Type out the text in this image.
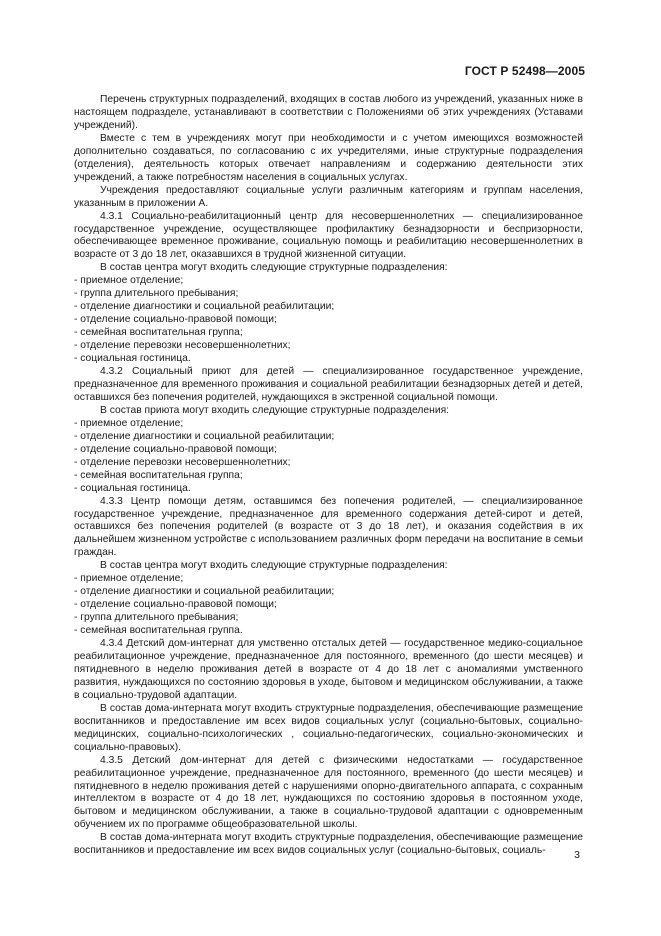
ГОСТ Р 52498—2005

Перечень структурных подразделений, входящих в состав любого из учреждений, указанных ниже в настоящем подразделе, устанавливают в соответствии с Положениями об этих учреждениях (Уставами учреждений).

Вместе с тем в учреждениях могут при необходимости и с учетом имеющихся возможностей дополнительно создаваться, по согласованию с их учредителями, иные структурные подразделения (отделения), деятельность которых отвечает направлениям и содержанию деятельности этих учреждений, а также потребностям населения в социальных услугах.

Учреждения предоставляют социальные услуги различным категориям и группам населения, указанным в приложении А.

4.3.1 Социально-реабилитационный центр для несовершеннолетних — специализированное государственное учреждение, осуществляющее профилактику безнадзорности и беспризорности, обеспечивающее временное проживание, социальную помощь и реабилитацию несовершеннолетних в возрасте от 3 до 18 лет, оказавшихся в трудной жизненной ситуации.

В состав центра могут входить следующие структурные подразделения:

- приемное отделение;

- группа длительного пребывания;

- отделение диагностики и социальной реабилитации;

- отделение социально-правовой помощи;

- семейная воспитательная группа;

- отделение перевозки несовершеннолетних;

- социальная гостиница.

4.3.2 Социальный приют для детей — специализированное государственное учреждение, предназначенное для временного проживания и социальной реабилитации безнадзорных детей и детей, оставшихся без попечения родителей, нуждающихся в экстренной социальной помощи.

В состав приюта могут входить следующие структурные подразделения:

- приемное отделение;

- отделение диагностики и социальной реабилитации;

- отделение социально-правовой помощи;

- отделение перевозки несовершеннолетних;

- семейная воспитательная группа;

- социальная гостиница.

4.3.3 Центр помощи детям, оставшимся без попечения родителей, — специализированное государственное учреждение, предназначенное для временного содержания детей-сирот и детей, оставшихся без попечения родителей (в возрасте от 3 до 18 лет), и оказания содействия в их дальнейшем жизненном устройстве с использованием различных форм передачи на воспитание в семьи граждан.

В состав центра могут входить следующие структурные подразделения:

- приемное отделение;

- отделение диагностики и социальной реабилитации;

- отделение социально-правовой помощи;

- группа длительного пребывания;

- семейная воспитательная группа.

4.3.4 Детский дом-интернат для умственно отсталых детей — государственное медико-социальное реабилитационное учреждение, предназначенное для постоянного, временного (до шести месяцев) и пятидневного в неделю проживания детей в возрасте от 4 до 18 лет с аномалиями умственного развития, нуждающихся по состоянию здоровья в уходе, бытовом и медицинском обслуживании, а также в социально-трудовой адаптации.

В состав дома-интерната могут входить структурные подразделения, обеспечивающие размещение воспитанников и предоставление им всех видов социальных услуг (социально-бытовых, социально-медицинских, социально-психологических , социально-педагогических, социально-экономических и социально-правовых).

4.3.5 Детский дом-интернат для детей с физическими недостатками — государственное реабилитационное учреждение, предназначенное для постоянного, временного (до шести месяцев) и пятидневного в неделю проживания детей с нарушениями опорно-двигательного аппарата, с сохранным интеллектом в возрасте от 4 до 18 лет, нуждающихся по состоянию здоровья в постоянном уходе, бытовом и медицинском обслуживании, а также в социально-трудовой адаптации с одновременным обучением их по программе общеобразовательной школы.

В состав дома-интерната могут входить структурные подразделения, обеспечивающие размещение воспитанников и предоставление им всех видов социальных услуг (социально-бытовых, социаль-	3
